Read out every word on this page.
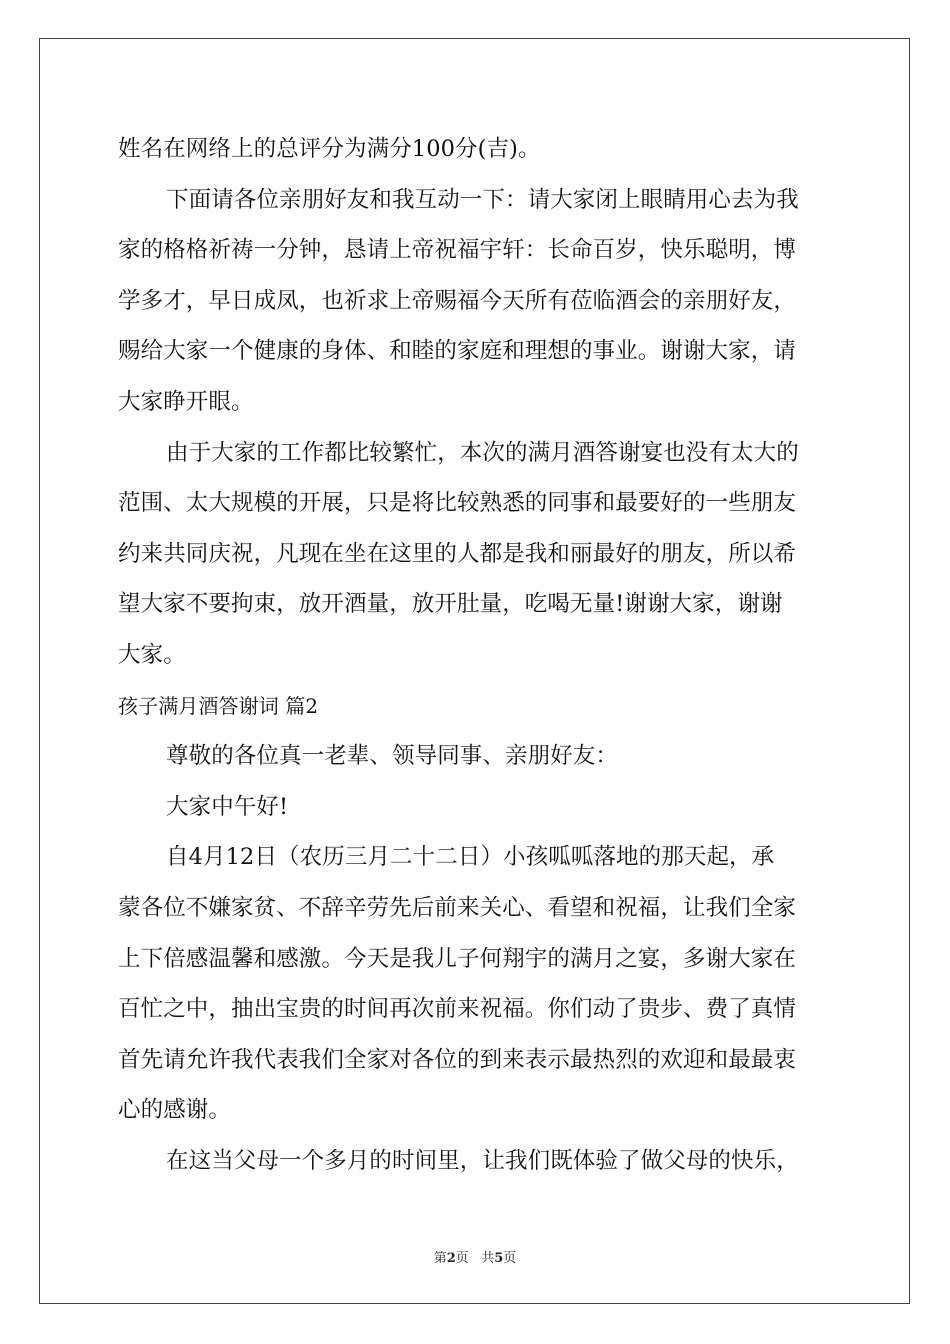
姓名在网络上的总评分为满分100分(吉)。
下面请各位亲朋好友和我互动一下：请大家闭上眼睛用心去为我
家的格格祈祷一分钟，恳请上帝祝福宇轩：长命百岁，快乐聪明，博
学多才，早日成凤，也祈求上帝赐福今天所有莅临酒会的亲朋好友，
赐给大家一个健康的身体、和睦的家庭和理想的事业。谢谢大家，请
大家睁开眼。
由于大家的工作都比较繁忙，本次的满月酒答谢宴也没有太大的
范围、太大规模的开展，只是将比较熟悉的同事和最要好的一些朋友
约来共同庆祝，凡现在坐在这里的人都是我和丽最好的朋友，所以希
望大家不要拘束，放开酒量，放开肚量，吃喝无量!谢谢大家，谢谢
大家。
孩子满月酒答谢词 篇2
尊敬的各位真一老辈、领导同事、亲朋好友：
大家中午好!
自4月12日（农历三月二十二日）小孩呱呱落地的那天起，承
蒙各位不嫌家贫、不辞辛劳先后前来关心、看望和祝福，让我们全家
上下倍感温馨和感激。今天是我儿子何翔宇的满月之宴，多谢大家在
百忙之中，抽出宝贵的时间再次前来祝福。你们动了贵步、费了真情
首先请允许我代表我们全家对各位的到来表示最热烈的欢迎和最最衷
心的感谢。
在这当父母一个多月的时间里，让我们既体验了做父母的快乐，
第2页 共5页
